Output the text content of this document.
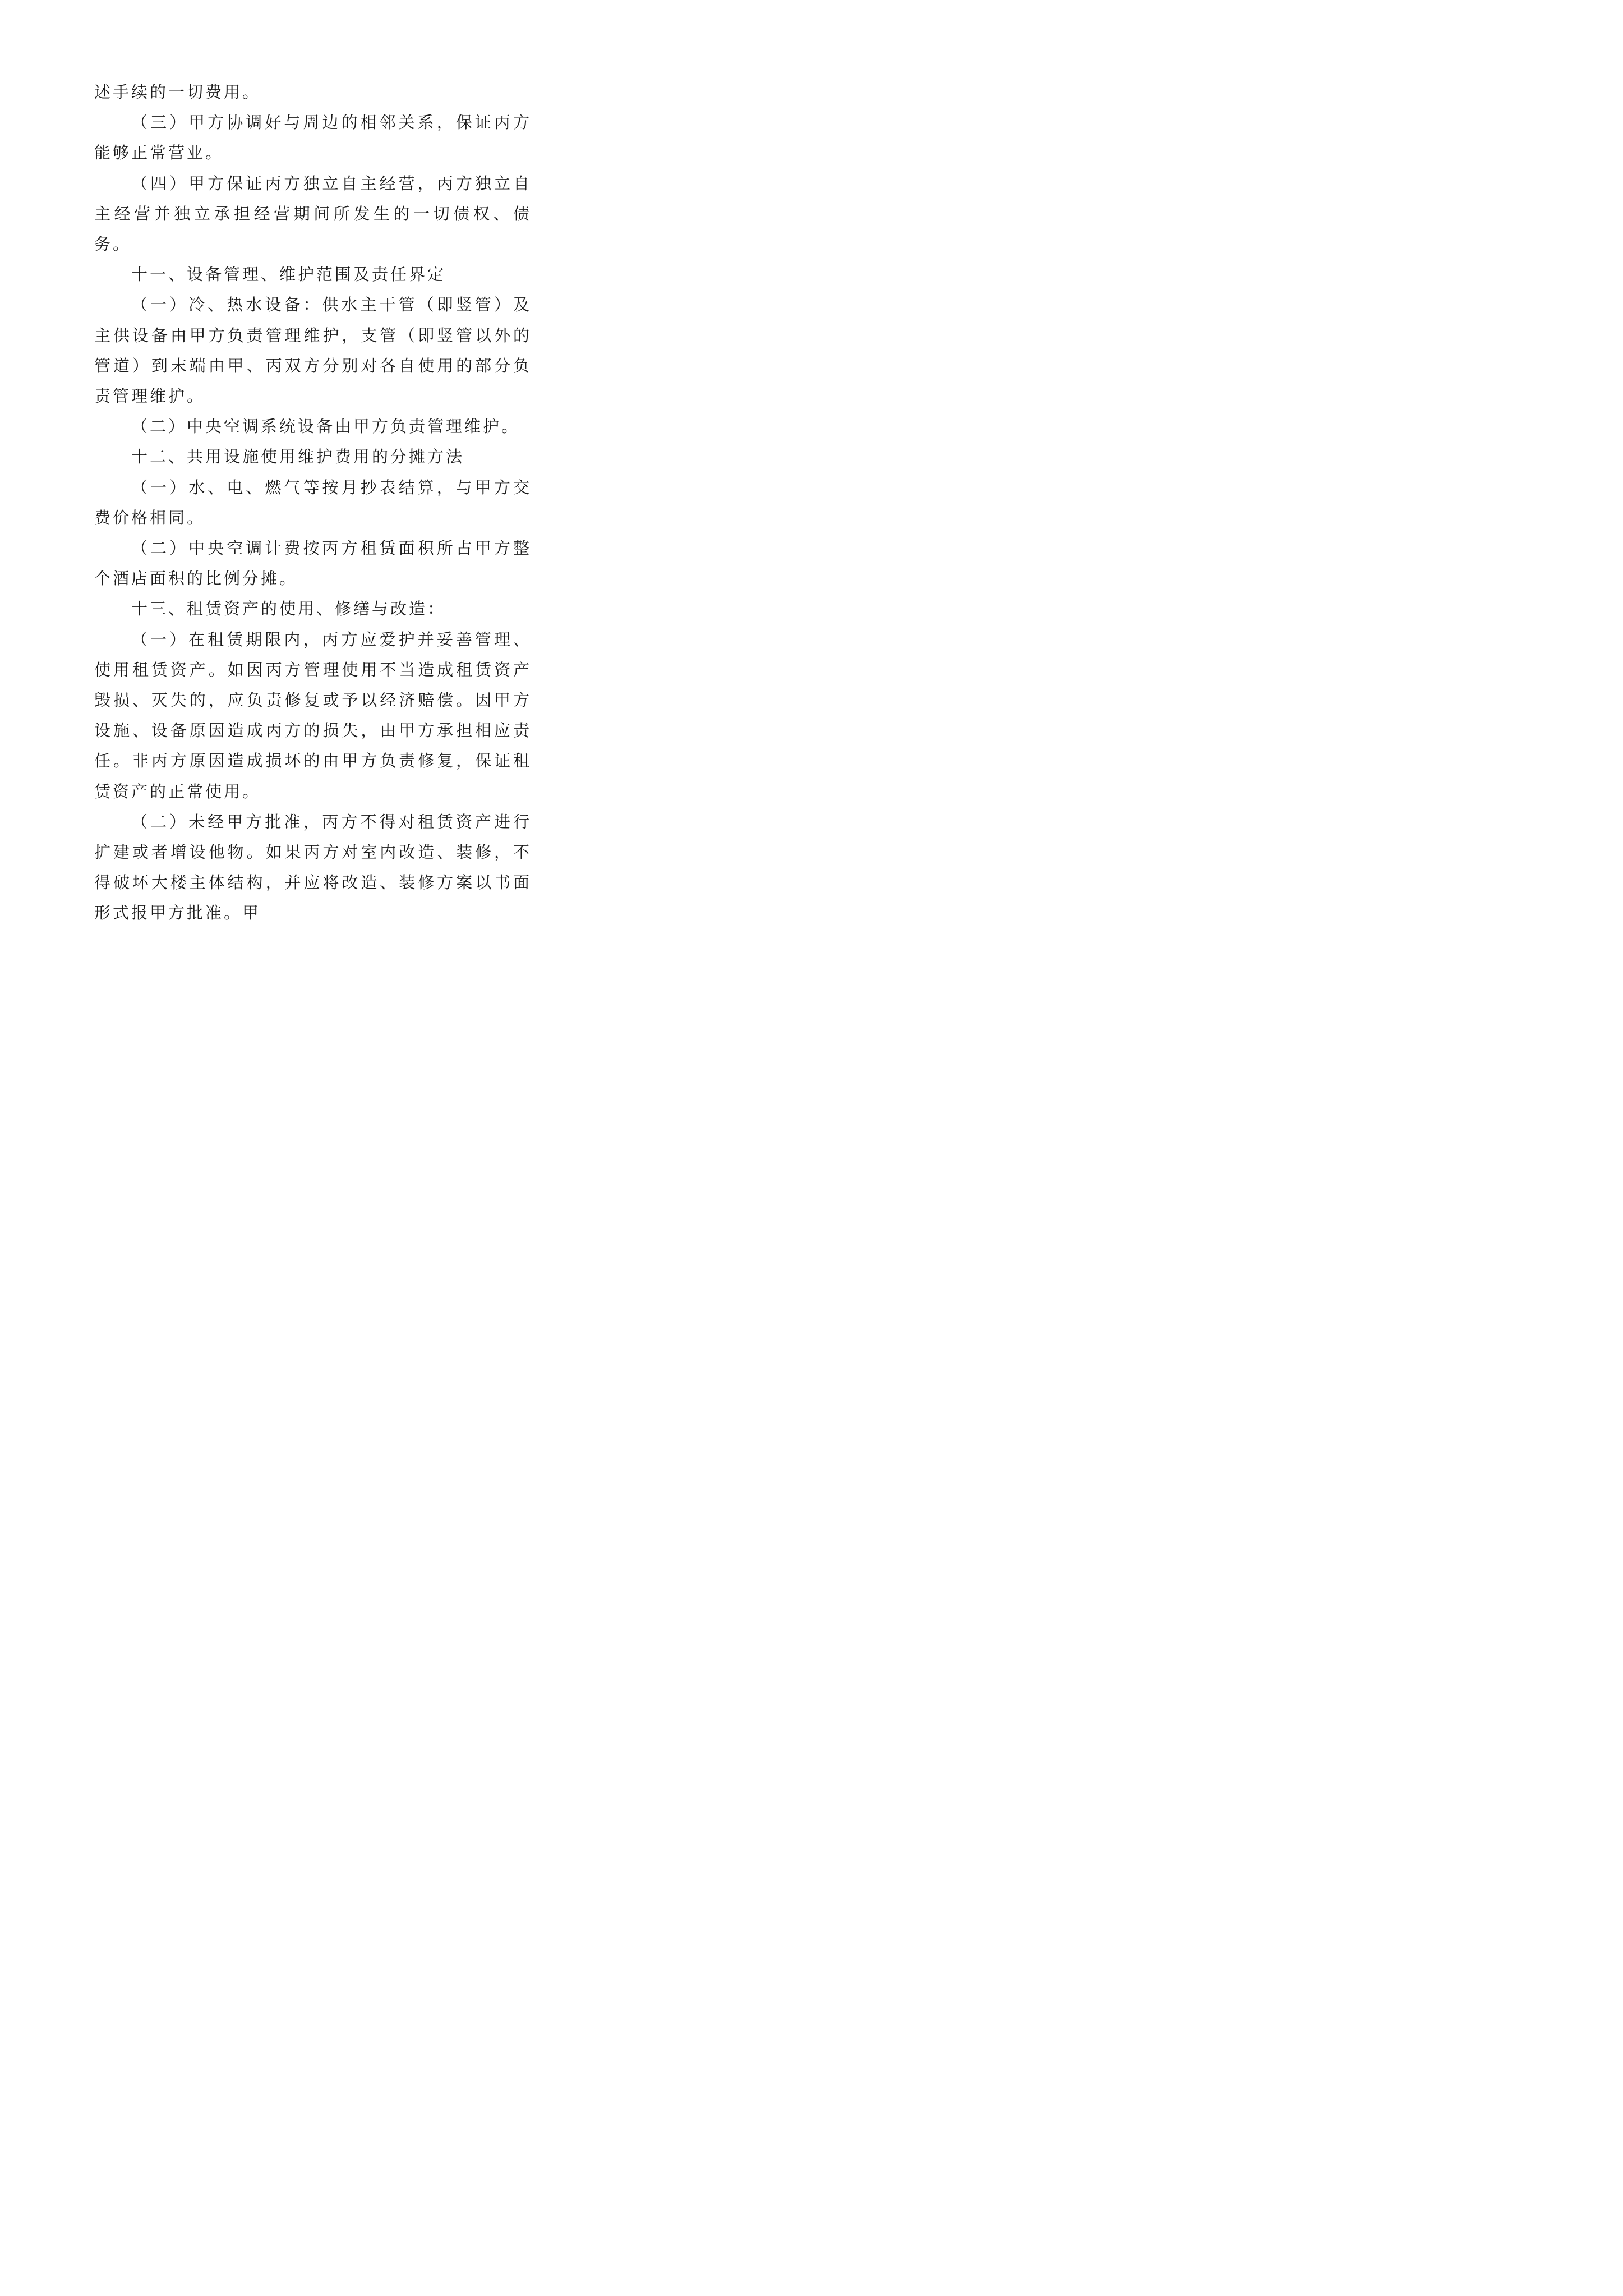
述手续的一切费用。

（三）甲方协调好与周边的相邻关系，保证丙方能够正常营业。

（四）甲方保证丙方独立自主经营，丙方独立自主经营并独立承担经营期间所发生的一切债权、债务。

十一、设备管理、维护范围及责任界定

（一）冷、热水设备：供水主干管（即竖管）及主供设备由甲方负责管理维护，支管（即竖管以外的管道）到末端由甲、丙双方分别对各自使用的部分负责管理维护。

（二）中央空调系统设备由甲方负责管理维护。

十二、共用设施使用维护费用的分摊方法

（一）水、电、燃气等按月抄表结算，与甲方交费价格相同。

（二）中央空调计费按丙方租赁面积所占甲方整个酒店面积的比例分摊。

十三、租赁资产的使用、修缮与改造：

（一）在租赁期限内，丙方应爱护并妥善管理、使用租赁资产。如因丙方管理使用不当造成租赁资产毁损、灭失的，应负责修复或予以经济赔偿。因甲方设施、设备原因造成丙方的损失，由甲方承担相应责任。非丙方原因造成损坏的由甲方负责修复，保证租赁资产的正常使用。

（二）未经甲方批准，丙方不得对租赁资产进行扩建或者增设他物。如果丙方对室内改造、装修，不得破坏大楼主体结构，并应将改造、装修方案以书面形式报甲方批准。甲
